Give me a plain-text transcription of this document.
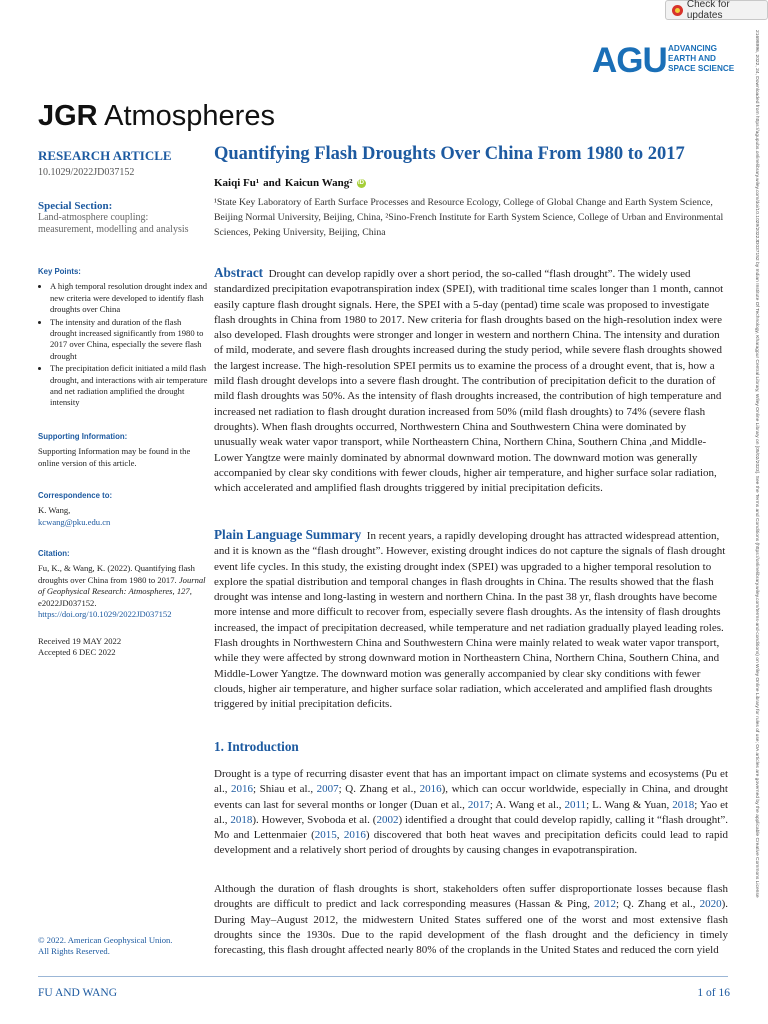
Check for updates
AGU ADVANCING
EARTH AND
SPACE SCIENCE
JGR Atmospheres
RESEARCH ARTICLE
10.1029/2022JD037152
Special Section:
Land-atmosphere coupling: measurement, modelling and analysis
Key Points:
• A high temporal resolution drought index and new criteria were developed to identify flash droughts over China
• The intensity and duration of the flash drought increased significantly from 1980 to 2017 over China, especially the severe flash drought
• The precipitation deficit initiated a mild flash drought, and interactions with air temperature and net radiation amplified the drought intensity
Supporting Information:
Supporting Information may be found in the online version of this article.
Correspondence to:
K. Wang,
kcwang@pku.edu.cn
Citation:
Fu, K., & Wang, K. (2022). Quantifying flash droughts over China from 1980 to 2017. Journal of Geophysical Research: Atmospheres, 127, e2022JD037152.
https://doi.org/10.1029/2022JD037152
Received 19 MAY 2022
Accepted 6 DEC 2022
© 2022. American Geophysical Union.
All Rights Reserved.
Quantifying Flash Droughts Over China From 1980 to 2017
Kaiqi Fu¹ and Kaicun Wang² iD
¹State Key Laboratory of Earth Surface Processes and Resource Ecology, College of Global Change and Earth System Science, Beijing Normal University, Beijing, China, ²Sino-French Institute for Earth System Science, College of Urban and Environmental Sciences, Peking University, Beijing, China
Abstract Drought can develop rapidly over a short period, the so-called “flash drought”. The widely used standardized precipitation evapotranspiration index (SPEI), with traditional time scales longer than 1 month, cannot easily capture flash drought signals. Here, the SPEI with a 5-day (pentad) time scale was proposed to investigate flash droughts in China from 1980 to 2017. New criteria for flash droughts based on the high-resolution index were also developed. Flash droughts were stronger and longer in western and northern China. The intensity and duration of mild, moderate, and severe flash droughts increased during the study period, while severe flash droughts showed the largest increase. The high-resolution SPEI permits us to examine the process of a drought event, that is, how a mild flash drought develops into a severe flash drought. The contribution of precipitation deficit to the duration of mild flash droughts was 50%. As the intensity of flash droughts increased, the contribution of high temperature and increased net radiation to flash drought duration increased from 50% (mild flash droughts) to 74% (severe flash droughts). When flash droughts occurred, Northwestern China and Southwestern China were dominated by unusually weak water vapor transport, while Northeastern China, Northern China, Southern China ,and Middle-Lower Yangtze were mainly dominated by abnormal downward motion. The downward motion was generally accompanied by clear sky conditions with fewer clouds, higher air temperature, and higher surface solar radiation, which accelerated and amplified flash droughts triggered by initial precipitation deficits.
Plain Language Summary In recent years, a rapidly developing drought has attracted widespread attention, and it is known as the “flash drought”. However, existing drought indices do not capture the signals of flash drought event life cycles. In this study, the existing drought index (SPEI) was upgraded to a higher temporal resolution to explore the spatial distribution and temporal changes in flash droughts in China. The results showed that the flash drought was intense and long-lasting in western and northern China. In the past 38 yr, flash droughts have become more intense and more difficult to recover from, especially severe flash droughts. As the intensity of flash droughts increased, the impact of precipitation decreased, while temperature and net radiation gradually played leading roles. Flash droughts in Northwestern China and Southwestern China were mainly related to weak water vapor transport, while they were affected by strong downward motion in Northeastern China, Northern China, Southern China, and Middle-Lower Yangtze. The downward motion was generally accompanied by clear sky conditions with fewer clouds, higher air temperature, and higher surface solar radiation, which accelerated and amplified flash droughts triggered by initial precipitation deficits.
1. Introduction
Drought is a type of recurring disaster event that has an important impact on climate systems and ecosystems (Pu et al., 2016; Shiau et al., 2007; Q. Zhang et al., 2016), which can occur worldwide, especially in China, and drought events can last for several months or longer (Duan et al., 2017; A. Wang et al., 2011; L. Wang & Yuan, 2018; Yao et al., 2018). However, Svoboda et al. (2002) identified a drought that could develop rapidly, calling it “flash drought”. Mo and Lettenmaier (2015, 2016) discovered that both heat waves and precipitation deficits could lead to rapid development and a relatively short period of droughts by causing changes in evapotranspiration.
Although the duration of flash droughts is short, stakeholders often suffer disproportionate losses because flash droughts are difficult to predict and lack corresponding measures (Hassan & Ping, 2012; Q. Zhang et al., 2020). During May–August 2012, the midwestern United States suffered one of the worst and most extensive flash droughts since the 1930s. Due to the rapid development of the flash drought and the deficiency in timely forecasting, this flash drought affected nearly 80% of the croplands in the United States and reduced the corn yield
21698996, 2022, 24, Downloaded from https://agupubs.onlinelibrary.wiley.com/doi/10.1029/2022JD037152 by Indian Institute Of Technology, Kharagpur Central Library, Wiley Online Library on [05/02/2023]. See the Terms and Conditions (https://onlinelibrary.wiley.com/terms-and-conditions) on Wiley Online Library for rules of use; OA articles are governed by the applicable Creative Commons License
FU AND WANG	1 of 16
